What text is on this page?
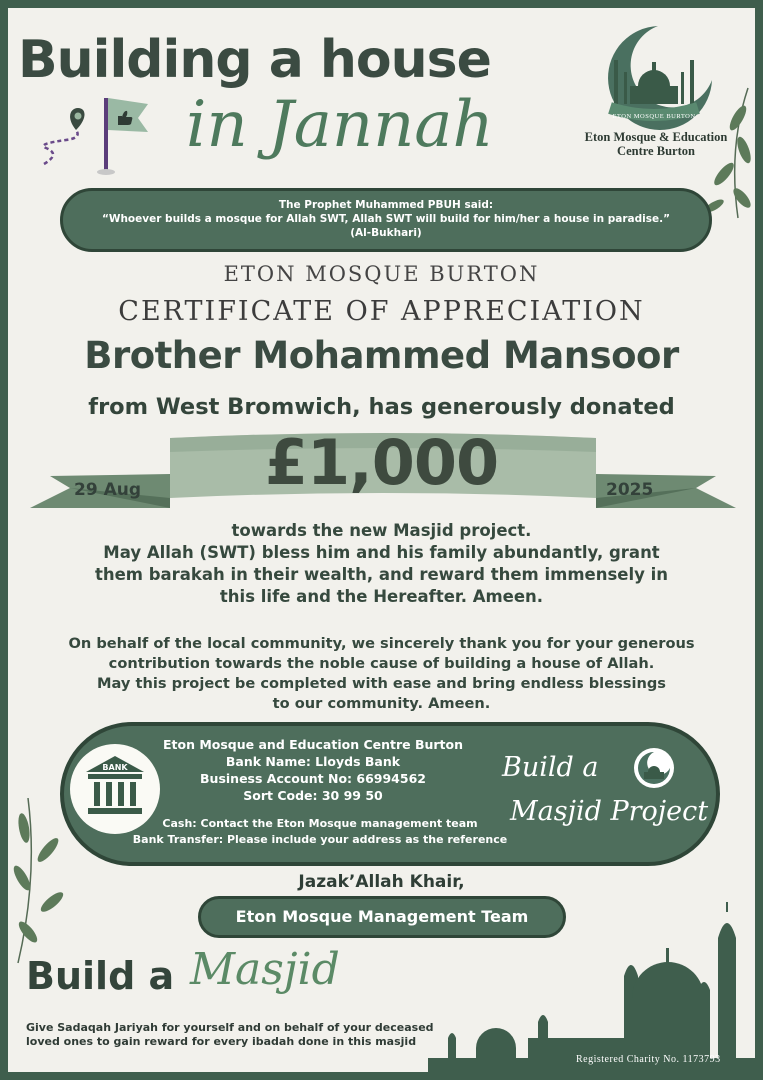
Building a house
in Jannah	ETON MOSQUE BURTON
Eton Mosque & Education
Centre Burton
The Prophet Muhammed PBUH said:
“Whoever builds a mosque for Allah SWT, Allah SWT will build for him/her a house in paradise.”
(Al-Bukhari)
ETON MOSQUE BURTON
CERTIFICATE OF APPRECIATION
Brother Mohammed Mansoor
from West Bromwich, has generously donated
£1,000
29 Aug	2025
towards the new Masjid project.
May Allah (SWT) bless him and his family abundantly, grant
them barakah in their wealth, and reward them immensely in
this life and the Hereafter. Ameen.
On behalf of the local community, we sincerely thank you for your generous
contribution towards the noble cause of building a house of Allah.
May this project be completed with ease and bring endless blessings
to our community. Ameen.
BANK
Eton Mosque and Education Centre Burton
Bank Name: Lloyds Bank
Business Account No: 66994562
Sort Code: 30 99 50
Cash: Contact the Eton Mosque management team
Bank Transfer: Please include your address as the reference
Build a
Masjid Project
Jazak’Allah Khair,
Eton Mosque Management Team
Build a Masjid
Give Sadaqah Jariyah for yourself and on behalf of your deceased
loved ones to gain reward for every ibadah done in this masjid
Registered Charity No. 1173793
